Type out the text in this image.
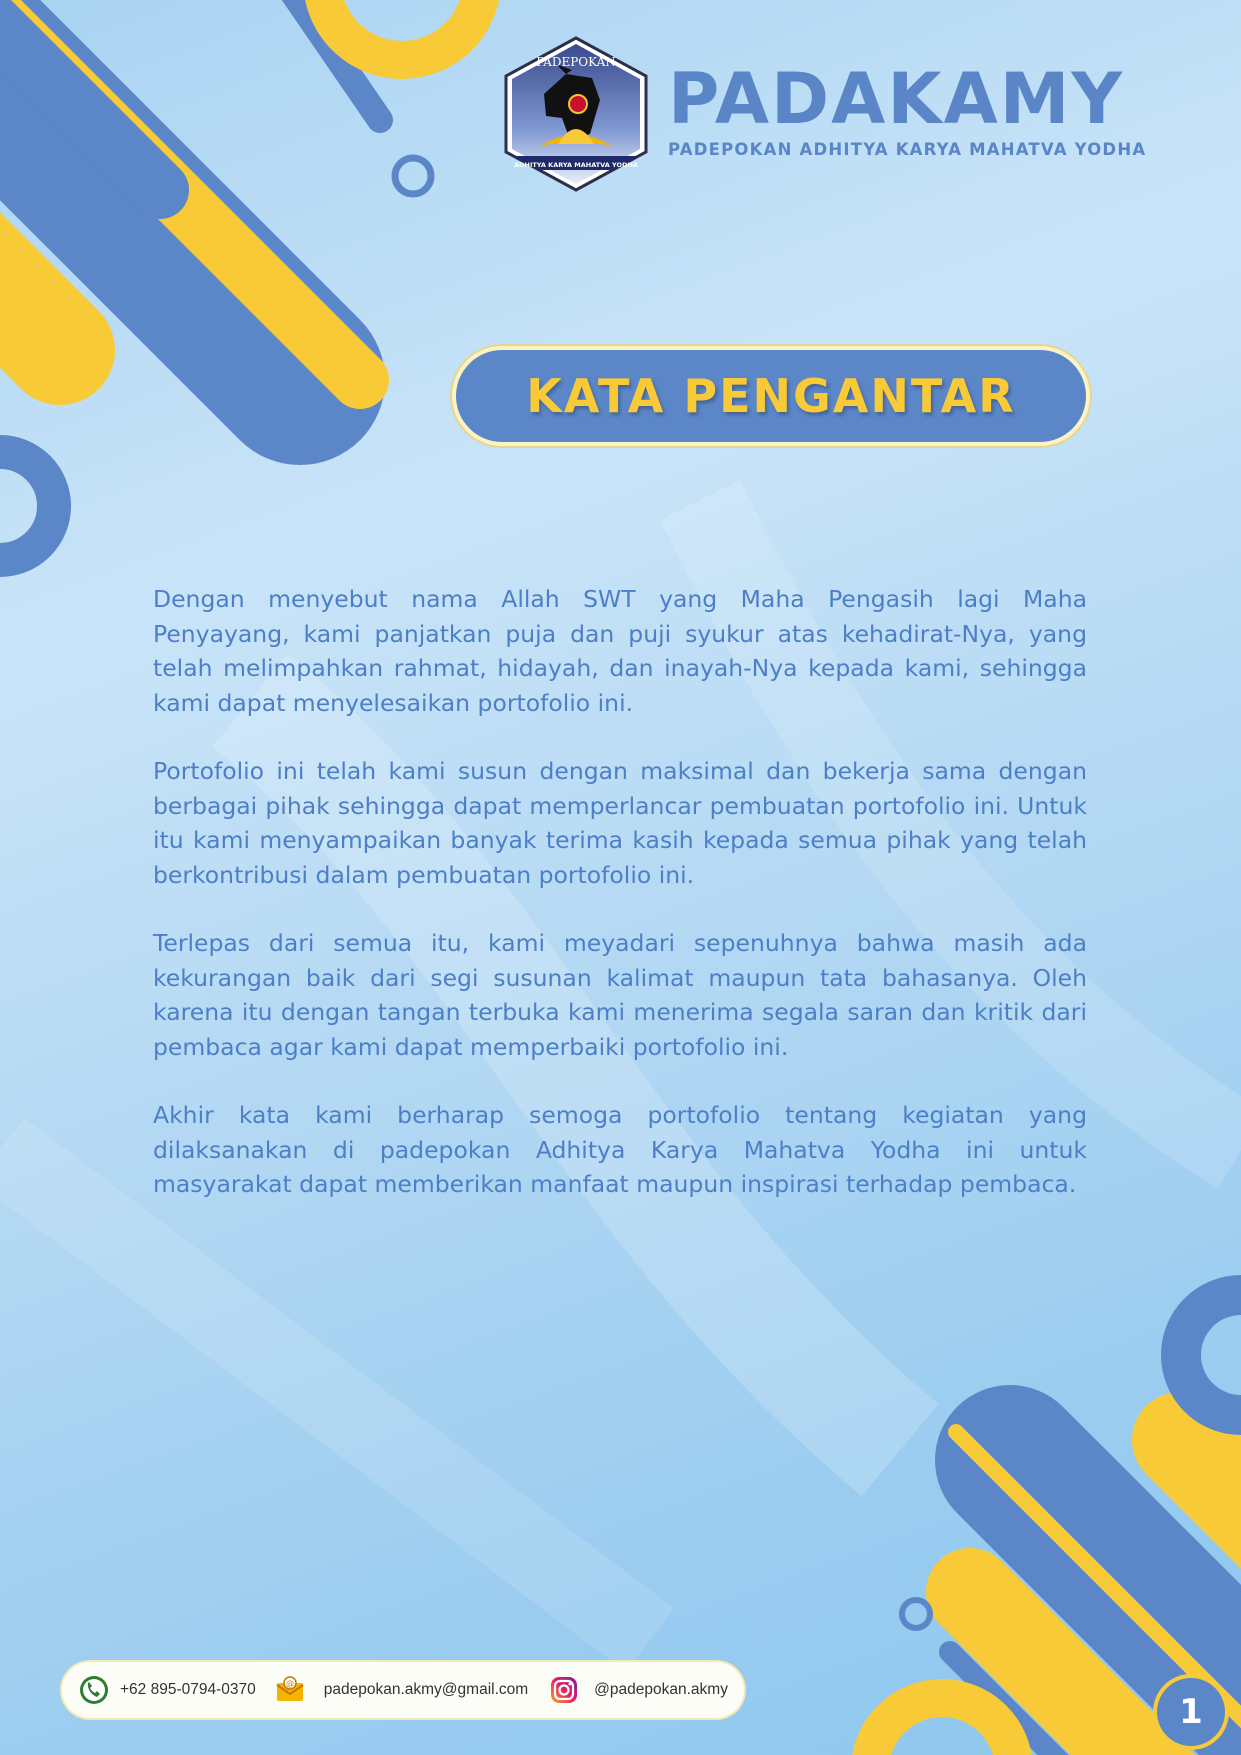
PADEPOKAN
ADHITYA KARYA MAHATVA YODHA
PADAKAMY
PADEPOKAN ADHITYA KARYA MAHATVA YODHA
KATA PENGANTAR

Dengan menyebut nama Allah SWT yang Maha Pengasih lagi Maha Penyayang, kami panjatkan puja dan puji syukur atas kehadirat-Nya, yang telah melimpahkan rahmat, hidayah, dan inayah-Nya kepada kami, sehingga kami dapat menyelesaikan portofolio ini.

Portofolio ini telah kami susun dengan maksimal dan bekerja sama dengan berbagai pihak sehingga dapat memperlancar pembuatan portofolio ini. Untuk itu kami menyampaikan banyak terima kasih kepada semua pihak yang telah berkontribusi dalam pembuatan portofolio ini.

Terlepas dari semua itu, kami meyadari sepenuhnya bahwa masih ada kekurangan baik dari segi susunan kalimat maupun tata bahasanya. Oleh karena itu dengan tangan terbuka kami menerima segala saran dan kritik dari pembaca agar kami dapat memperbaiki portofolio ini.

Akhir kata kami berharap semoga portofolio tentang kegiatan yang dilaksanakan di padepokan Adhitya Karya Mahatva Yodha ini untuk masyarakat dapat memberikan manfaat maupun inspirasi terhadap pembaca.

+62 895-0794-0370	@ padepokan.akmy@gmail.com	@padepokan.akmy
1
